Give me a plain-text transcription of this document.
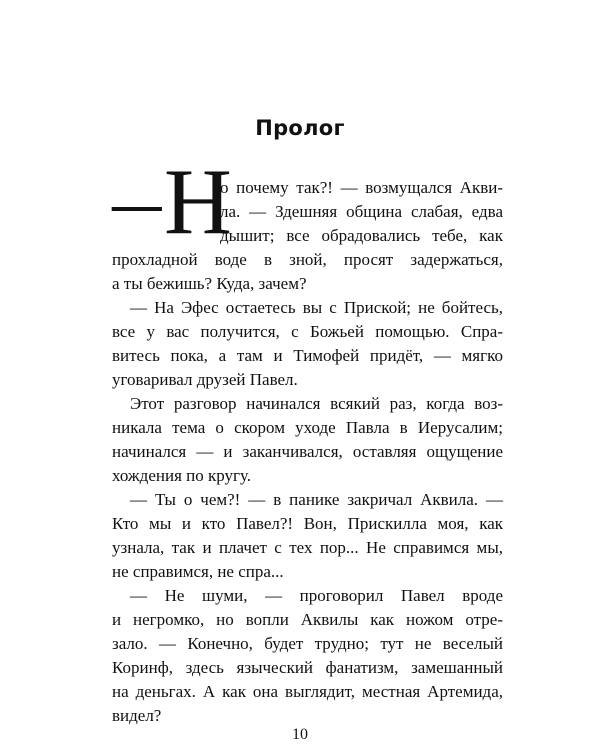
Пролог
—Н
о почему так?! — возмущался Акви-
ла. — Здешняя община слабая, едва
дышит; все обрадовались тебе, как
прохладной воде в зной, просят задержаться,
а ты бежишь? Куда, зачем?
— На Эфес остаетесь вы с Приской; не бойтесь,
все у вас получится, с Божьей помощью. Спра-
витесь пока, а там и Тимофей придёт, — мягко
уговаривал друзей Павел.
Этот разговор начинался всякий раз, когда воз-
никала тема о скором уходе Павла в Иерусалим;
начинался — и заканчивался, оставляя ощущение
хождения по кругу.
— Ты о чем?! — в панике закричал Аквила. —
Кто мы и кто Павел?! Вон, Прискилла моя, как
узнала, так и плачет с тех пор... Не справимся мы,
не справимся, не спра...
— Не шуми, — проговорил Павел вроде
и негромко, но вопли Аквилы как ножом отре-
зало. — Конечно, будет трудно; тут не веселый
Коринф, здесь языческий фанатизм, замешанный
на деньгах. А как она выглядит, местная Артемида,
видел?
10
